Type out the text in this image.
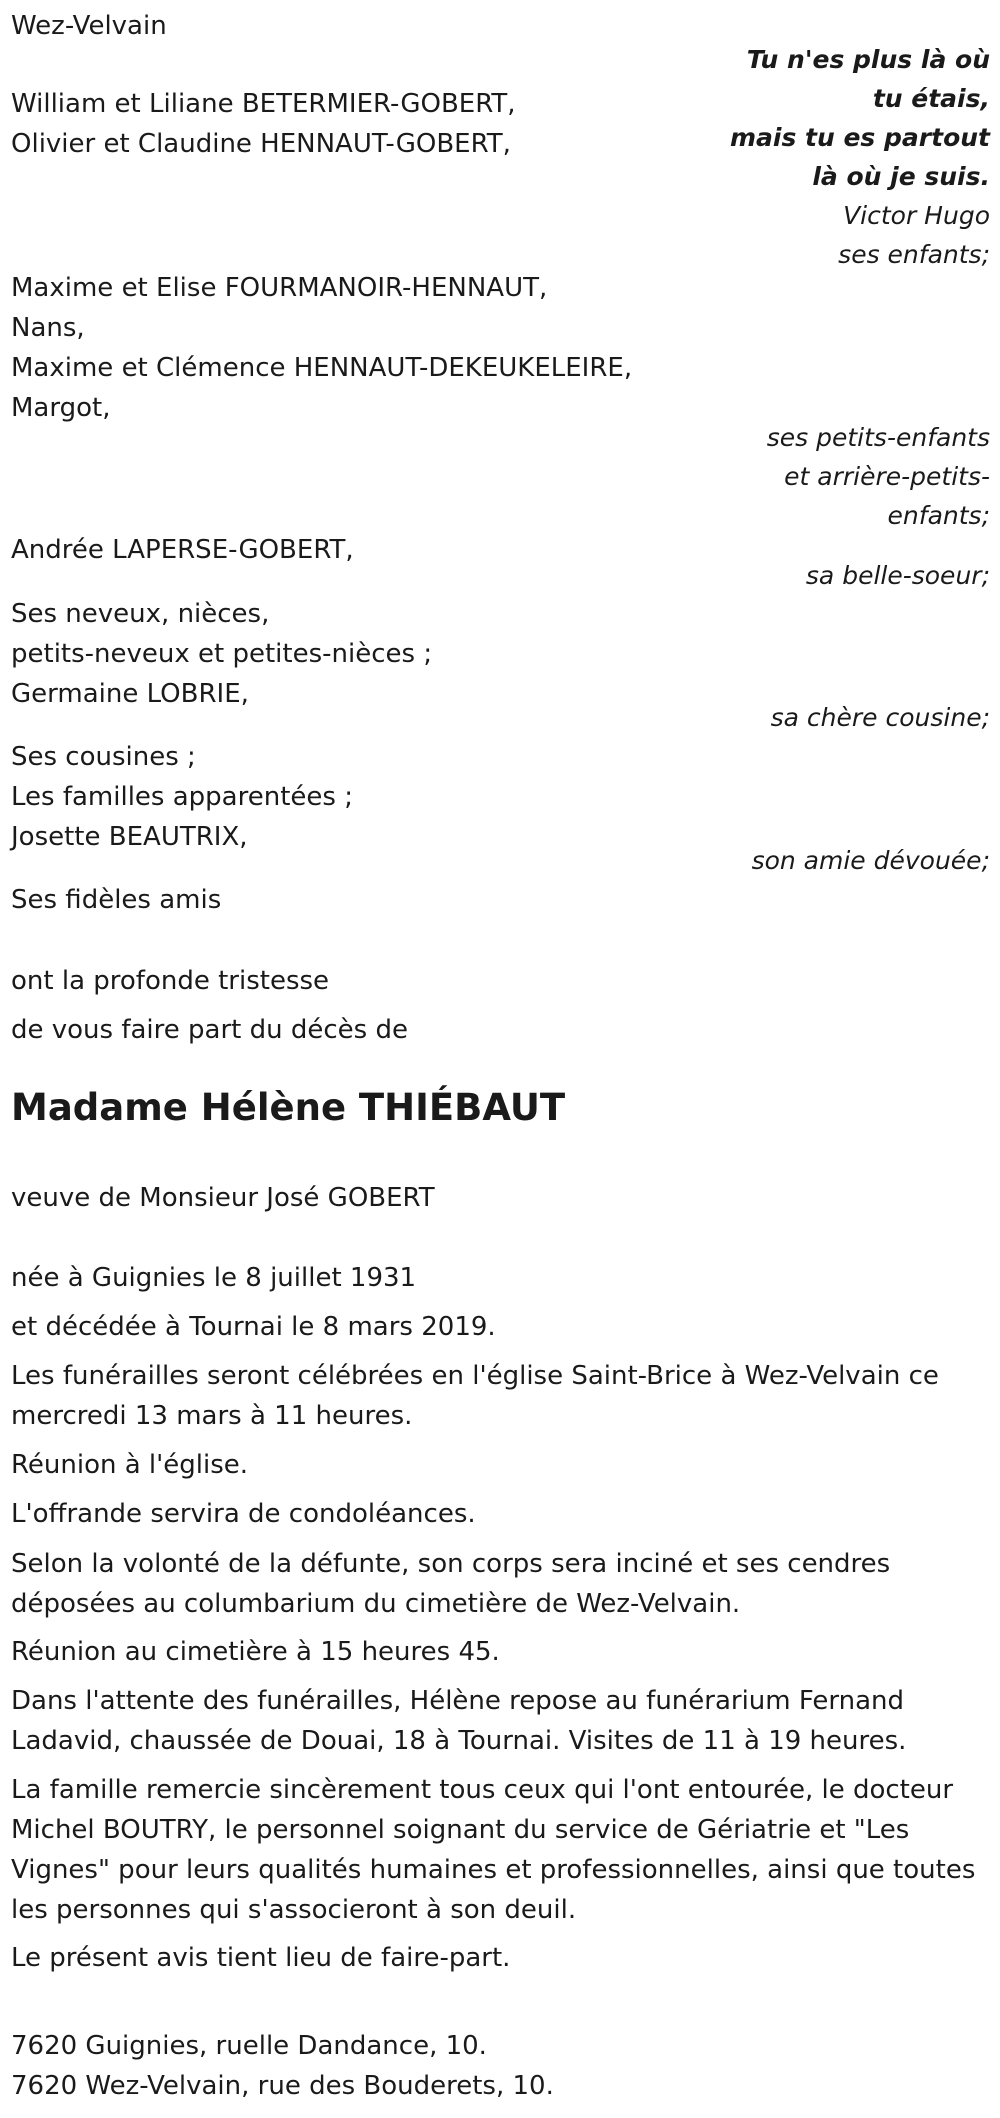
Wez-Velvain
Tu n'es plus là où
tu étais,
mais tu es partout
là où je suis.
Victor Hugo
William et Liliane BETERMIER-GOBERT,
Olivier et Claudine HENNAUT-GOBERT,
ses enfants;
Maxime et Elise FOURMANOIR-HENNAUT,
Nans,
Maxime et Clémence HENNAUT-DEKEUKELEIRE,
Margot,
ses petits-enfants
et arrière-petits-
enfants;
Andrée LAPERSE-GOBERT,
sa belle-soeur;
Ses neveux, nièces,
petits-neveux et petites-nièces ;
Germaine LOBRIE,
sa chère cousine;
Ses cousines ;
Les familles apparentées ;
Josette BEAUTRIX,
son amie dévouée;
Ses fidèles amis
ont la profonde tristesse
de vous faire part du décès de
Madame Hélène THIÉBAUT
veuve de Monsieur José GOBERT
née à Guignies le 8 juillet 1931
et décédée à Tournai le 8 mars 2019.
Les funérailles seront célébrées en l'église Saint-Brice à Wez-Velvain ce mercredi 13 mars à 11 heures.
Réunion à l'église.
L'offrande servira de condoléances.
Selon la volonté de la défunte, son corps sera inciné et ses cendres déposées au columbarium du cimetière de Wez-Velvain.
Réunion au cimetière à 15 heures 45.
Dans l'attente des funérailles, Hélène repose au funérarium Fernand Ladavid, chaussée de Douai, 18 à Tournai. Visites de 11 à 19 heures.
La famille remercie sincèrement tous ceux qui l'ont entourée, le docteur Michel BOUTRY, le personnel soignant du service de Gériatrie et "Les Vignes" pour leurs qualités humaines et professionnelles, ainsi que toutes les personnes qui s'associeront à son deuil.
Le présent avis tient lieu de faire-part.
7620 Guignies, ruelle Dandance, 10.
7620 Wez-Velvain, rue des Bouderets, 10.
